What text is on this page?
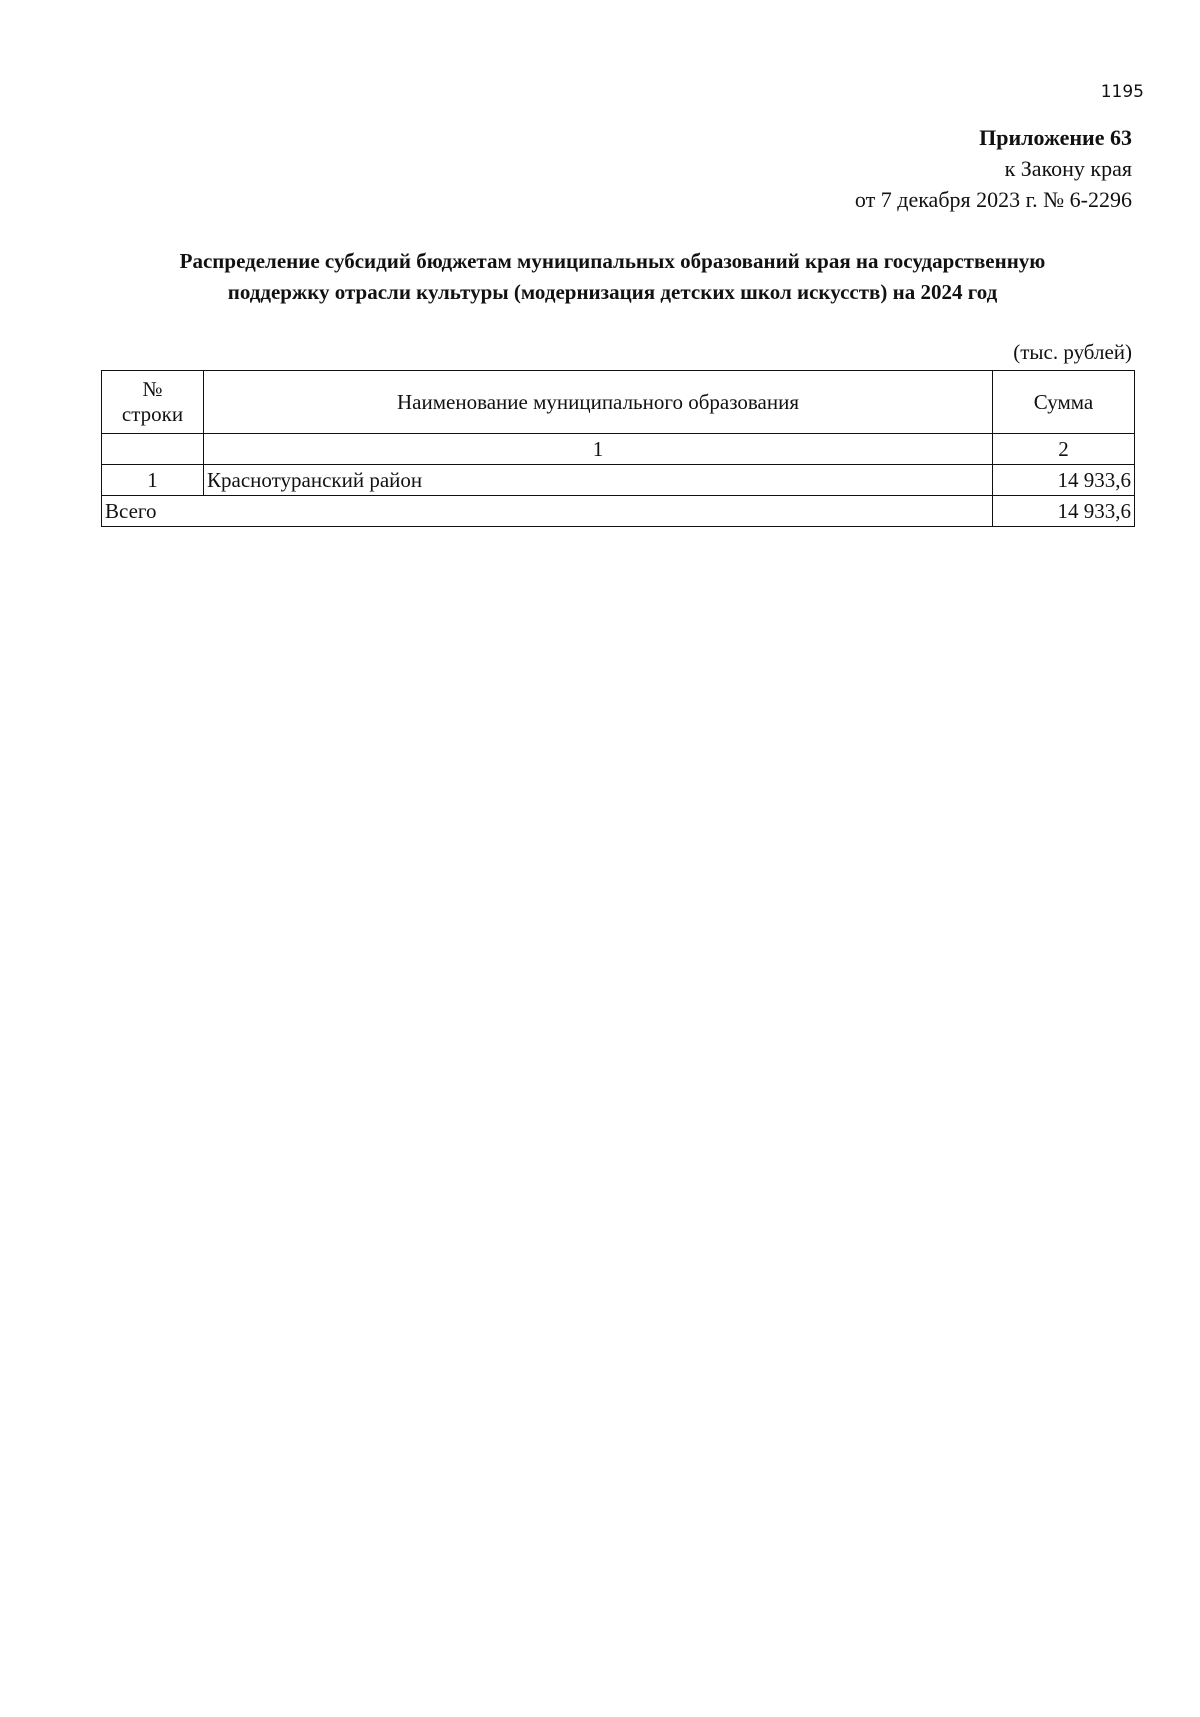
1195
Приложение 63
к Закону края
от 7 декабря 2023 г. № 6-2296
Распределение субсидий бюджетам муниципальных образований края на государственную
поддержку отрасли культуры (модернизация детских школ искусств) на 2024 год
(тыс. рублей)
№
строки	Наименование муниципального образования	Сумма
	1	2
1	Краснотуранский район	14 933,6
Всего		14 933,6
